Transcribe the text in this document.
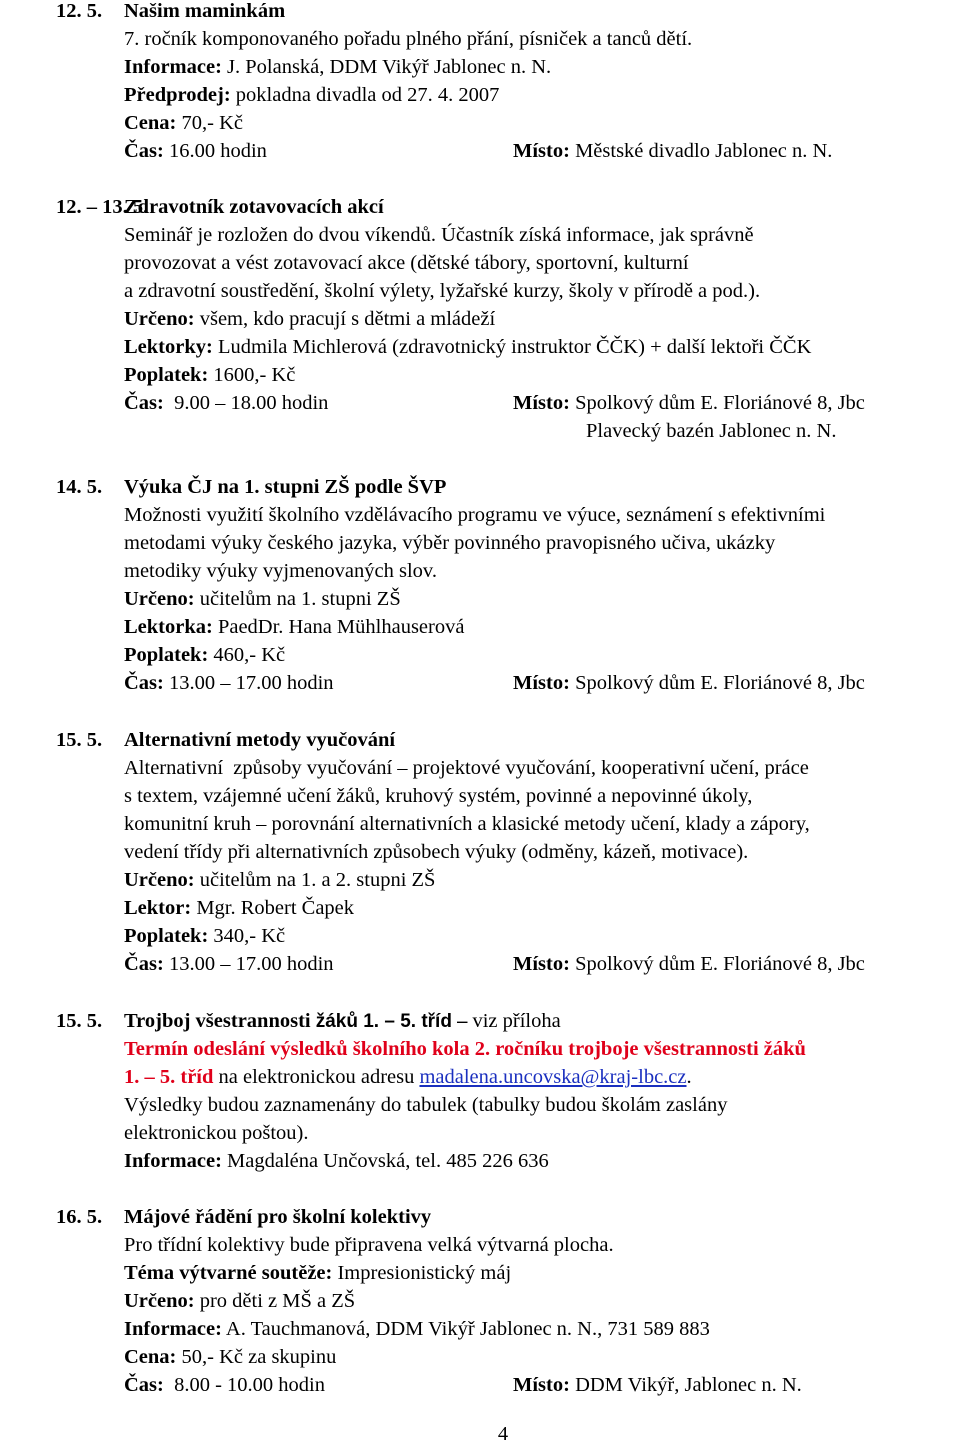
12. 5. Našim maminkám
7. ročník komponovaného pořadu plného přání, písniček a tanců dětí.
Informace: J. Polanská, DDM Vikýř Jablonec n. N.
Předprodej: pokladna divadla od 27. 4. 2007
Cena: 70,- Kč
Čas: 16.00 hodin	Místo: Městské divadlo Jablonec n. N.
12. – 13. 5.
Zdravotník zotavovacích akcí
Seminář je rozložen do dvou víkendů. Účastník získá informace, jak správně
provozovat a vést zotavovací akce (dětské tábory, sportovní, kulturní
a zdravotní soustředění, školní výlety, lyžařské kurzy, školy v přírodě a pod.).
Určeno: všem, kdo pracují s dětmi a mládeží
Lektorky: Ludmila Michlerová (zdravotnický instruktor ČČK) + další lektoři ČČK
Poplatek: 1600,- Kč
Čas:  9.00 – 18.00 hodin	Místo: Spolkový dům E. Floriánové 8, Jbc
Plavecký bazén Jablonec n. N.
14. 5. Výuka ČJ na 1. stupni ZŠ podle ŠVP
Možnosti využití školního vzdělávacího programu ve výuce, seznámení s efektivními
metodami výuky českého jazyka, výběr povinného pravopisného učiva, ukázky
metodiky výuky vyjmenovaných slov.
Určeno: učitelům na 1. stupni ZŠ
Lektorka: PaedDr. Hana Mühlhauserová
Poplatek: 460,- Kč
Čas: 13.00 – 17.00 hodin	Místo: Spolkový dům E. Floriánové 8, Jbc
15. 5. Alternativní metody vyučování
Alternativní  způsoby vyučování – projektové vyučování, kooperativní učení, práce
s textem, vzájemné učení žáků, kruhový systém, povinné a nepovinné úkoly,
komunitní kruh – porovnání alternativních a klasické metody učení, klady a zápory,
vedení třídy při alternativních způsobech výuky (odměny, kázeň, motivace).
Určeno: učitelům na 1. a 2. stupni ZŠ
Lektor: Mgr. Robert Čapek
Poplatek: 340,- Kč
Čas: 13.00 – 17.00 hodin	Místo: Spolkový dům E. Floriánové 8, Jbc
15. 5. Trojboj všestrannosti žáků 1. – 5. tříd – viz příloha
Termín odeslání výsledků školního kola 2. ročníku trojboje všestrannosti žáků
1. – 5. tříd na elektronickou adresu madalena.uncovska@kraj-lbc.cz.
Výsledky budou zaznamenány do tabulek (tabulky budou školám zaslány
elektronickou poštou).
Informace: Magdaléna Unčovská, tel. 485 226 636
16. 5. Májové řádění pro školní kolektivy
Pro třídní kolektivy bude připravena velká výtvarná plocha.
Téma výtvarné soutěže: Impresionistický máj
Určeno: pro děti z MŠ a ZŠ
Informace: A. Tauchmanová, DDM Vikýř Jablonec n. N., 731 589 883
Cena: 50,- Kč za skupinu
Čas:  8.00 - 10.00 hodin	Místo: DDM Vikýř, Jablonec n. N.
4
